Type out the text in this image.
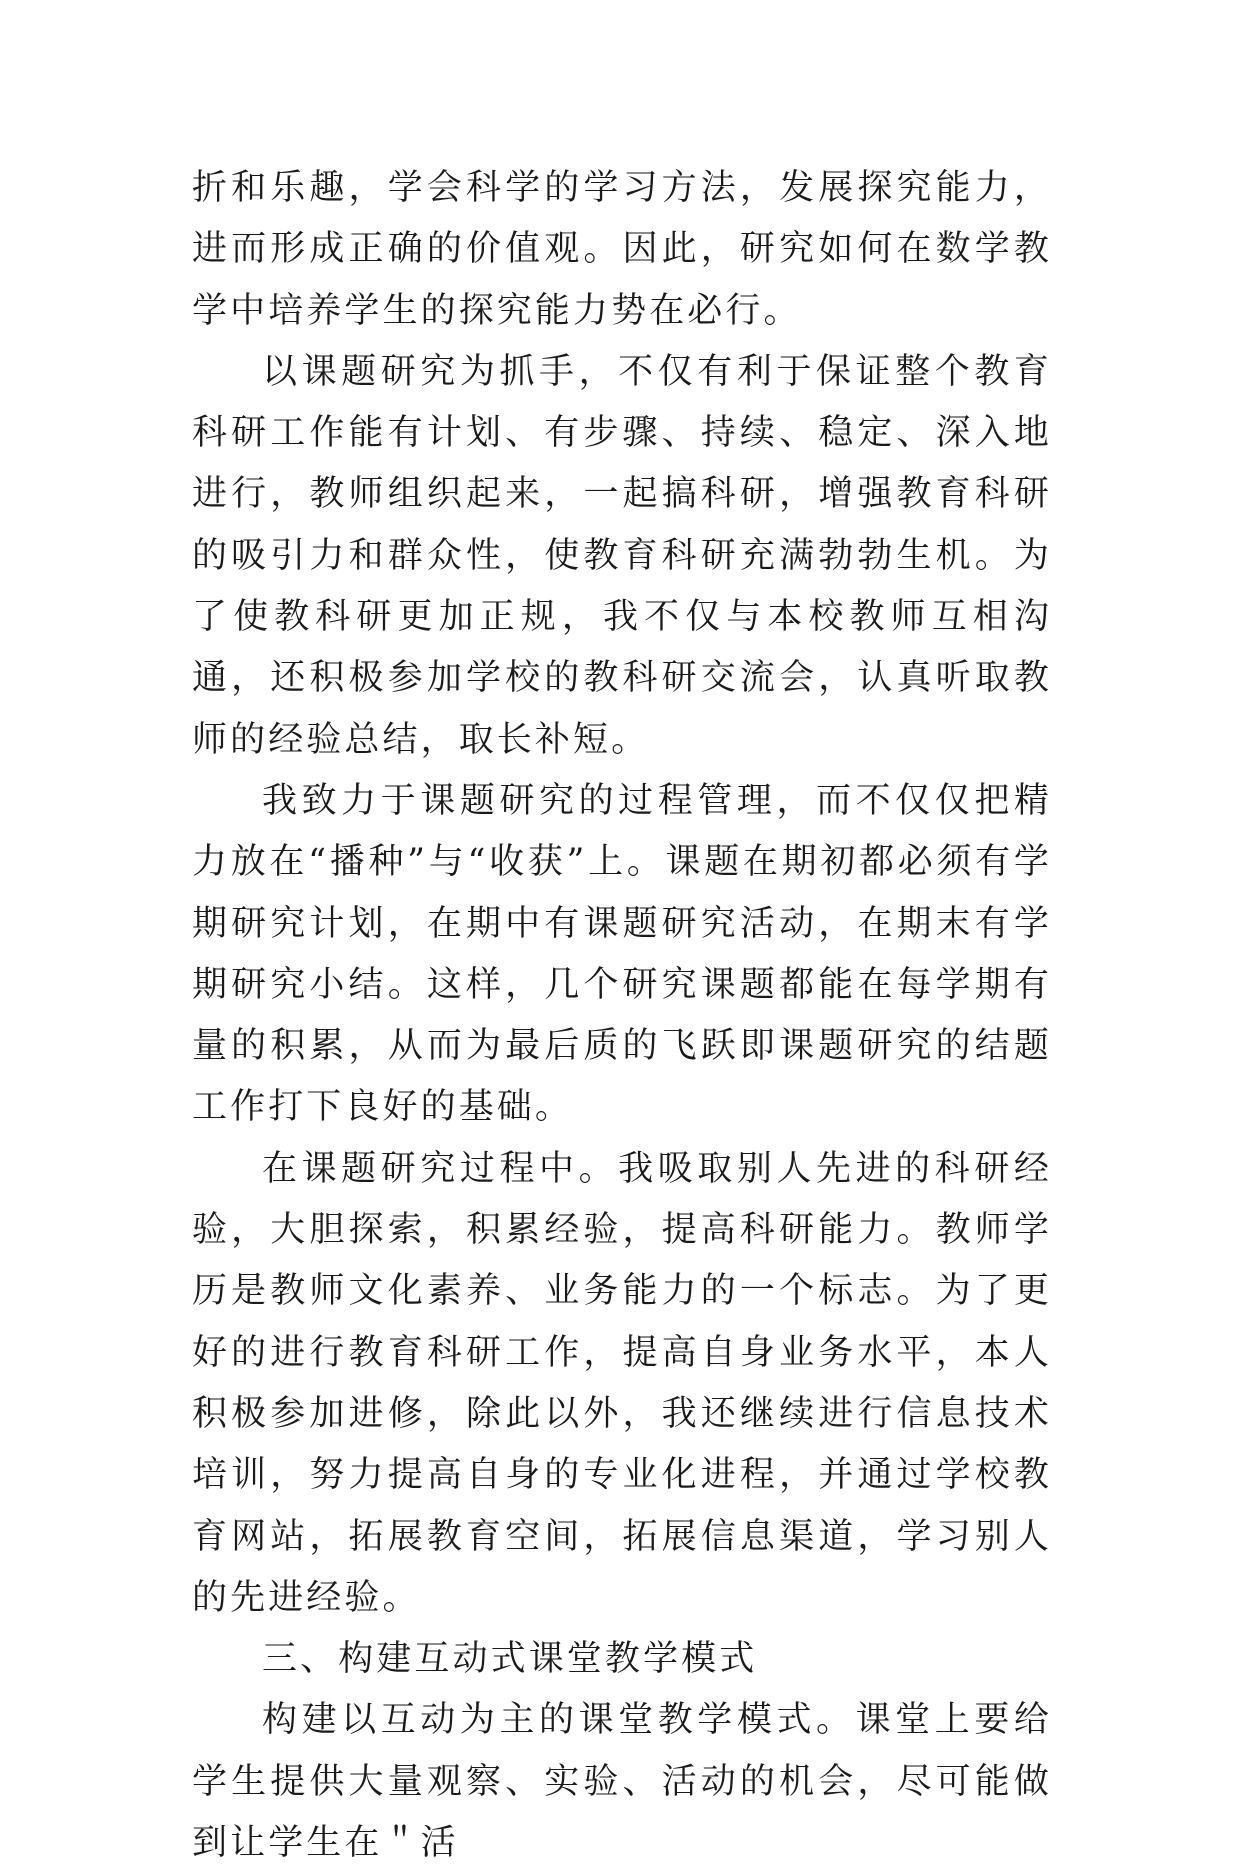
折和乐趣，学会科学的学习方法，发展探究能力，进而形成正确的价值观。因此，研究如何在数学教学中培养学生的探究能力势在必行。

以课题研究为抓手，不仅有利于保证整个教育科研工作能有计划、有步骤、持续、稳定、深入地进行，教师组织起来，一起搞科研，增强教育科研的吸引力和群众性，使教育科研充满勃勃生机。为了使教科研更加正规，我不仅与本校教师互相沟通，还积极参加学校的教科研交流会，认真听取教师的经验总结，取长补短。

我致力于课题研究的过程管理，而不仅仅把精力放在“播种”与“收获”上。课题在期初都必须有学期研究计划，在期中有课题研究活动，在期末有学期研究小结。这样，几个研究课题都能在每学期有量的积累，从而为最后质的飞跃即课题研究的结题工作打下良好的基础。

在课题研究过程中。我吸取别人先进的科研经验，大胆探索，积累经验，提高科研能力。教师学历是教师文化素养、业务能力的一个标志。为了更好的进行教育科研工作，提高自身业务水平，本人积极参加进修，除此以外，我还继续进行信息技术培训，努力提高自身的专业化进程，并通过学校教育网站，拓展教育空间，拓展信息渠道，学习别人的先进经验。

三、构建互动式课堂教学模式

构建以互动为主的课堂教学模式。课堂上要给学生提供大量观察、实验、活动的机会，尽可能做到让学生在＂活
